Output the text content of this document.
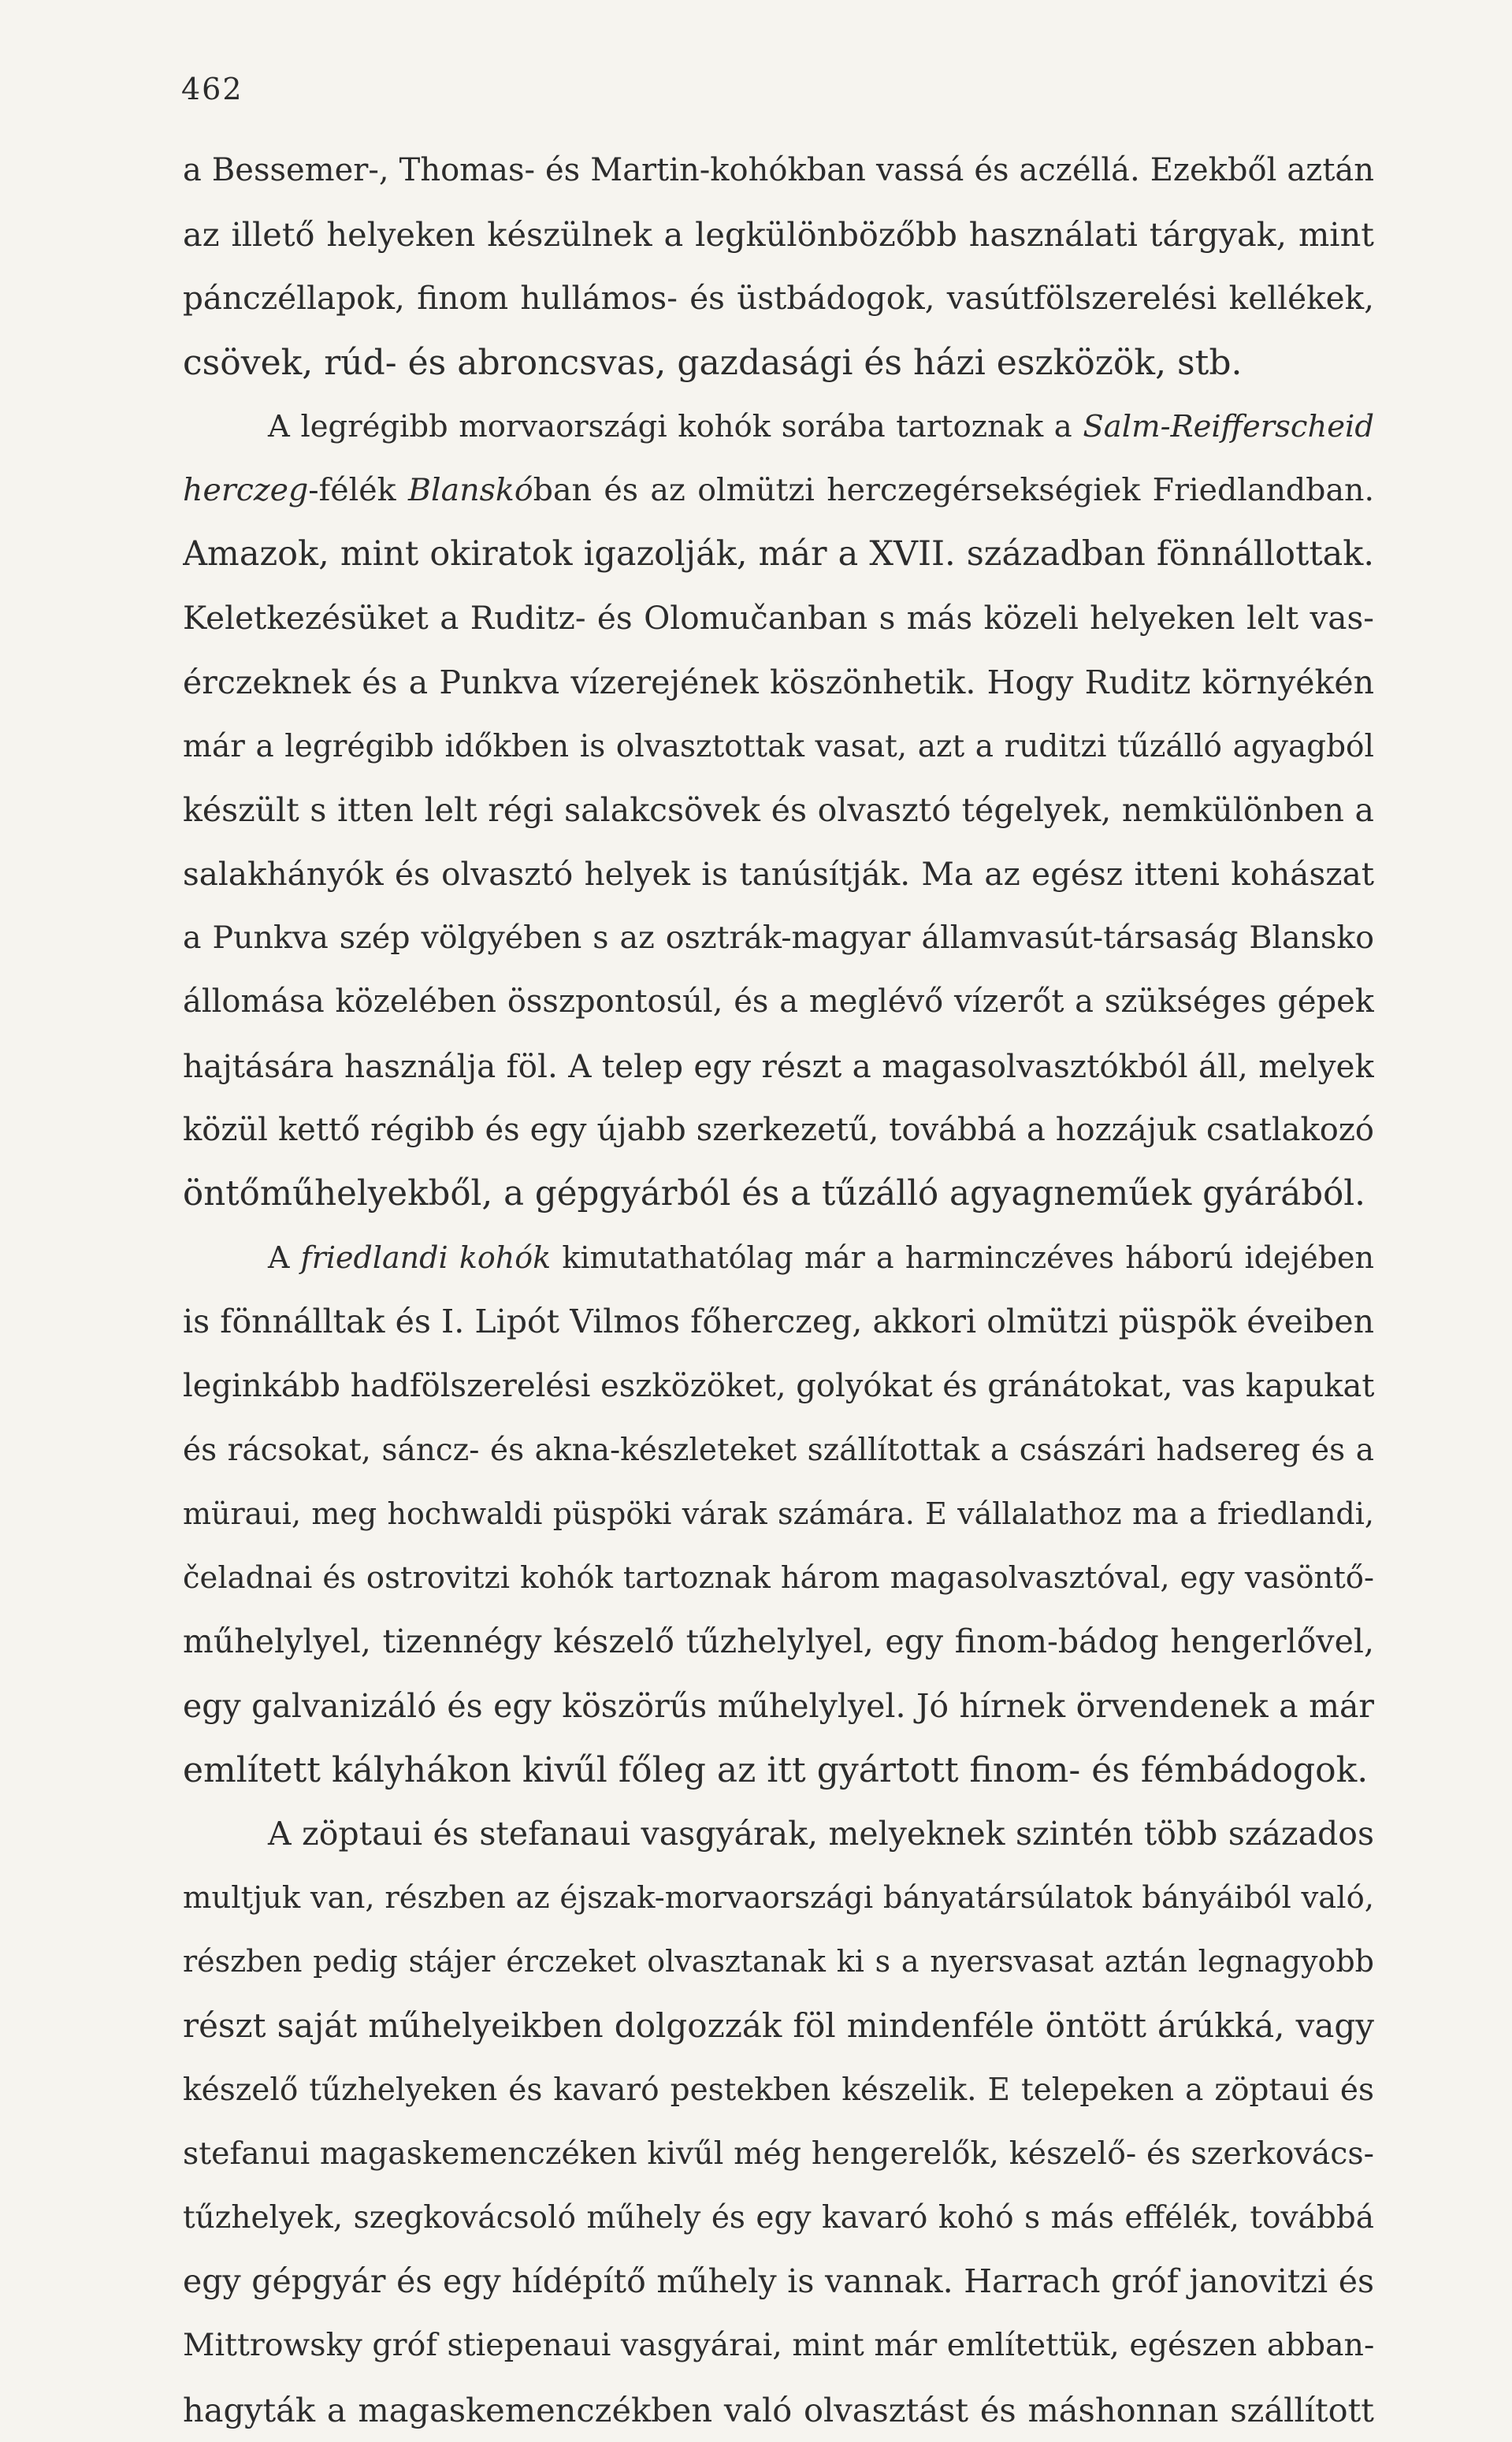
462
a Bessemer-, Thomas- és Martin-kohókban vassá és aczéllá. Ezekből aztán
az illető helyeken készülnek a legkülönbözőbb használati tárgyak, mint
pánczéllapok, finom hullámos- és üstbádogok, vasútfölszerelési kellékek,
csövek, rúd- és abroncsvas, gazdasági és házi eszközök, stb.
A legrégibb morvaországi kohók sorába tartoznak a Salm-Reifferscheid
herczeg-félék Blanskóban és az olmützi herczegérsekségiek Friedlandban.
Amazok, mint okiratok igazolják, már a XVII. században fönnállottak.
Keletkezésüket a Ruditz- és Olomučanban s más közeli helyeken lelt vas-
érczeknek és a Punkva vízerejének köszönhetik. Hogy Ruditz környékén
már a legrégibb időkben is olvasztottak vasat, azt a ruditzi tűzálló agyagból
készült s itten lelt régi salakcsövek és olvasztó tégelyek, nemkülönben a
salakhányók és olvasztó helyek is tanúsítják. Ma az egész itteni kohászat
a Punkva szép völgyében s az osztrák-magyar államvasút-társaság Blansko
állomása közelében összpontosúl, és a meglévő vízerőt a szükséges gépek
hajtására használja föl. A telep egy részt a magasolvasztókból áll, melyek
közül kettő régibb és egy újabb szerkezetű, továbbá a hozzájuk csatlakozó
öntőműhelyekből, a gépgyárból és a tűzálló agyagneműek gyárából.
A friedlandi kohók kimutathatólag már a harminczéves háború idejében
is fönnálltak és I. Lipót Vilmos főherczeg, akkori olmützi püspök éveiben
leginkább hadfölszerelési eszközöket, golyókat és gránátokat, vas kapukat
és rácsokat, sáncz- és akna-készleteket szállítottak a császári hadsereg és a
müraui, meg hochwaldi püspöki várak számára. E vállalathoz ma a friedlandi,
čeladnai és ostrovitzi kohók tartoznak három magasolvasztóval, egy vasöntő-
műhelylyel, tizennégy készelő tűzhelylyel, egy finom-bádog hengerlővel,
egy galvanizáló és egy köszörűs műhelylyel. Jó hírnek örvendenek a már
említett kályhákon kivűl főleg az itt gyártott finom- és fémbádogok.
A zöptaui és stefanaui vasgyárak, melyeknek szintén több százados
multjuk van, részben az éjszak-morvaországi bányatársúlatok bányáiból való,
részben pedig stájer érczeket olvasztanak ki s a nyersvasat aztán legnagyobb
részt saját műhelyeikben dolgozzák föl mindenféle öntött árúkká, vagy
készelő tűzhelyeken és kavaró pestekben készelik. E telepeken a zöptaui és
stefanui magaskemenczéken kivűl még hengerelők, készelő- és szerkovács-
tűzhelyek, szegkovácsoló műhely és egy kavaró kohó s más effélék, továbbá
egy gépgyár és egy hídépítő műhely is vannak. Harrach gróf janovitzi és
Mittrowsky gróf stiepenaui vasgyárai, mint már említettük, egészen abban-
hagyták a magaskemenczékben való olvasztást és máshonnan szállított
